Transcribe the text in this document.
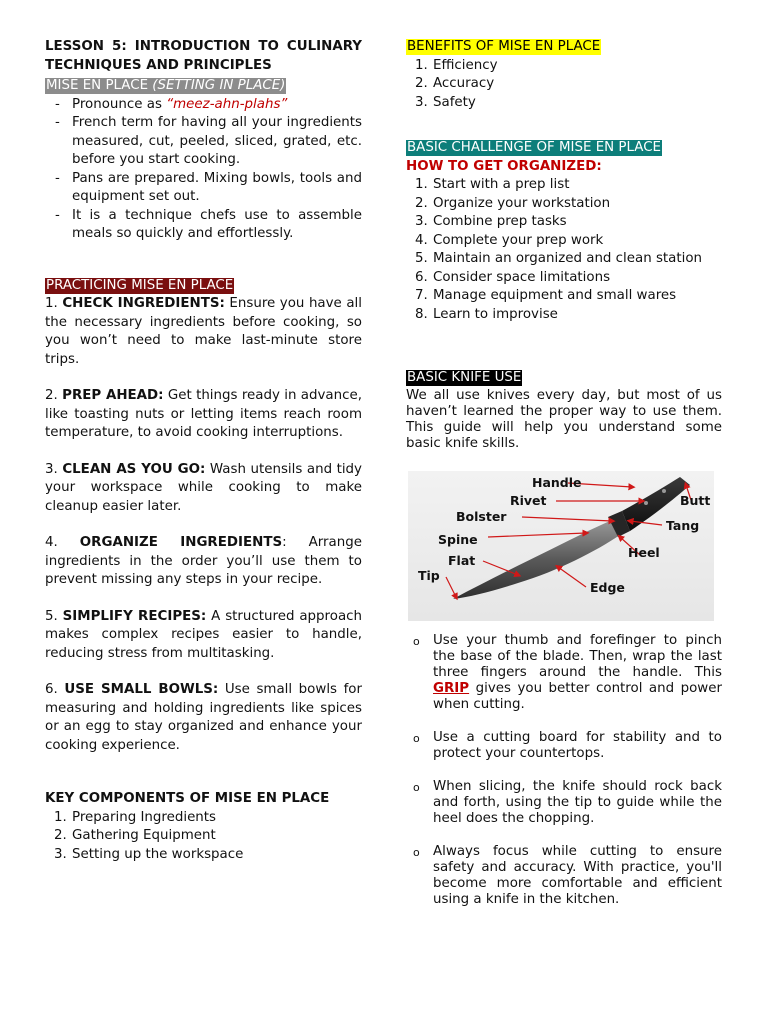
LESSON 5: INTRODUCTION TO CULINARY TECHNIQUES AND PRINCIPLES

MISE EN PLACE (SETTING IN PLACE)

- Pronounce as “meez-ahn-plahs”
- French term for having all your ingredients measured, cut, peeled, sliced, grated, etc. before you start cooking.
- Pans are prepared. Mixing bowls, tools and equipment set out.
- It is a technique chefs use to assemble meals so quickly and effortlessly.

PRACTICING MISE EN PLACE

1. CHECK INGREDIENTS: Ensure you have all the necessary ingredients before cooking, so you won’t need to make last-minute store trips.

2. PREP AHEAD: Get things ready in advance, like toasting nuts or letting items reach room temperature, to avoid cooking interruptions.

3. CLEAN AS YOU GO: Wash utensils and tidy your workspace while cooking to make cleanup easier later.

4. ORGANIZE INGREDIENTS: Arrange ingredients in the order you’ll use them to prevent missing any steps in your recipe.

5. SIMPLIFY RECIPES: A structured approach makes complex recipes easier to handle, reducing stress from multitasking.

6. USE SMALL BOWLS: Use small bowls for measuring and holding ingredients like spices or an egg to stay organized and enhance your cooking experience.

KEY COMPONENTS OF MISE EN PLACE

1. Preparing Ingredients
2. Gathering Equipment
3. Setting up the workspace

BENEFITS OF MISE EN PLACE

1. Efficiency
2. Accuracy
3. Safety

BASIC CHALLENGE OF MISE EN PLACE

HOW TO GET ORGANIZED:

1. Start with a prep list
2. Organize your workstation
3. Combine prep tasks
4. Complete your prep work
5. Maintain an organized and clean station
6. Consider space limitations
7. Manage equipment and small wares
8. Learn to improvise

BASIC KNIFE USE

We all use knives every day, but most of us haven’t learned the proper way to use them. This guide will help you understand some basic knife skills.

Handle
Rivet	Butt
Bolster
Tang
Spine
Heel
Flat
Tip
Edge
o Use your thumb and forefinger to pinch the base of the blade. Then, wrap the last three fingers around the handle. This GRIP gives you better control and power when cutting.
o Use a cutting board for stability and to protect your countertops.
o When slicing, the knife should rock back and forth, using the tip to guide while the heel does the chopping.
o Always focus while cutting to ensure safety and accuracy. With practice, you'll become more comfortable and efficient using a knife in the kitchen.
